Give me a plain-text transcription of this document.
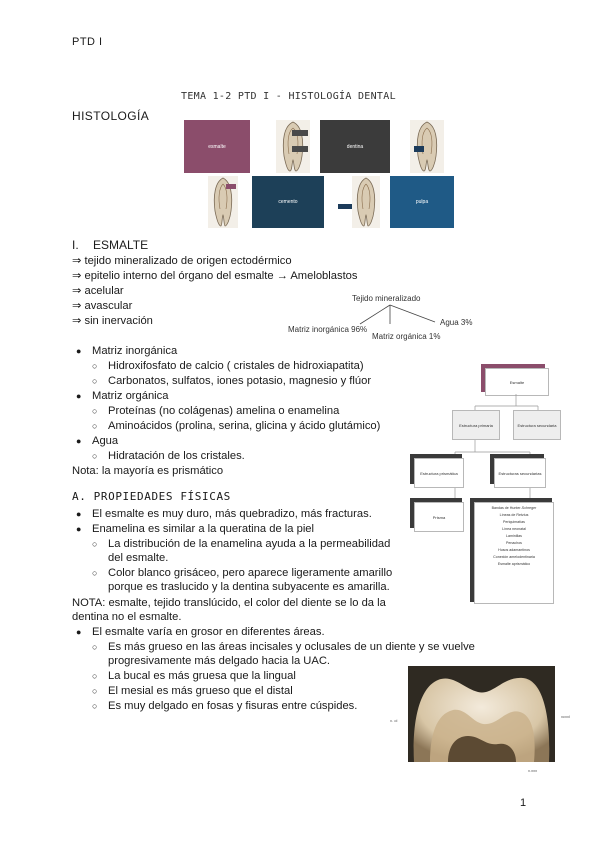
PTD I
TEMA 1-2 PTD I - HISTOLOGÍA DENTAL
HISTOLOGÍA
esmalte	dentina
cemento	pulpa
I. ESMALTE
⇒ tejido mineralizado de origen ectodérmico
⇒ epitelio interno del órgano del esmalte → Ameloblastos
⇒ acelular
⇒ avascular
⇒ sin inervación
Tejido mineralizado
Matriz inorgánica 96%
Matriz orgánica 1%
Agua 3%
● Matriz inorgánica
○ Hidroxifosfato de calcio ( cristales de hidroxiapatita)
○ Carbonatos, sulfatos, iones potasio, magnesio y flúor
● Matriz orgánica
○ Proteínas (no colágenas) amelina o enamelina
○ Aminoácidos (prolina, serina, glicina y ácido glutámico)
● Agua
○ Hidratación de los cristales.
Nota: la mayoría es prismático
Esmalte
Estructura primaria	Estructura secundaria
Estructura prismática	Estructuras secundarias
Prisma
Bandas de Hunter-Schreger
Líneas de Retzius
Periquimatías
Línea neonatal
Laminillas
Penachos
Husos adamantinos
Conexión amelodentinaria
Esmalte aprismático
A. PROPIEDADES FÍSICAS
● El esmalte es muy duro, más quebradizo, más fracturas.
● Enamelina es similar a la queratina de la piel
○ La distribución de la enamelina ayuda a la permeabilidad
del esmalte.
○ Color blanco grisáceo, pero aparece ligeramente amarillo
porque es traslucido y la dentina subyacente es amarilla.
NOTA: esmalte, tejido translúcido, el color del diente se lo da la
dentina no el esmalte.
● El esmalte varía en grosor en diferentes áreas.
○ Es más grueso en las áreas incisales y oclusales de un diente y se vuelve
progresivamente más delgado hacia la UAC.
○ La bucal es más gruesa que la lingual
○ El mesial es más grueso que el distal
○ Es muy delgado en fosas y fisuras entre cúspides.
x. ol
xcxxl
x.xxx
1
